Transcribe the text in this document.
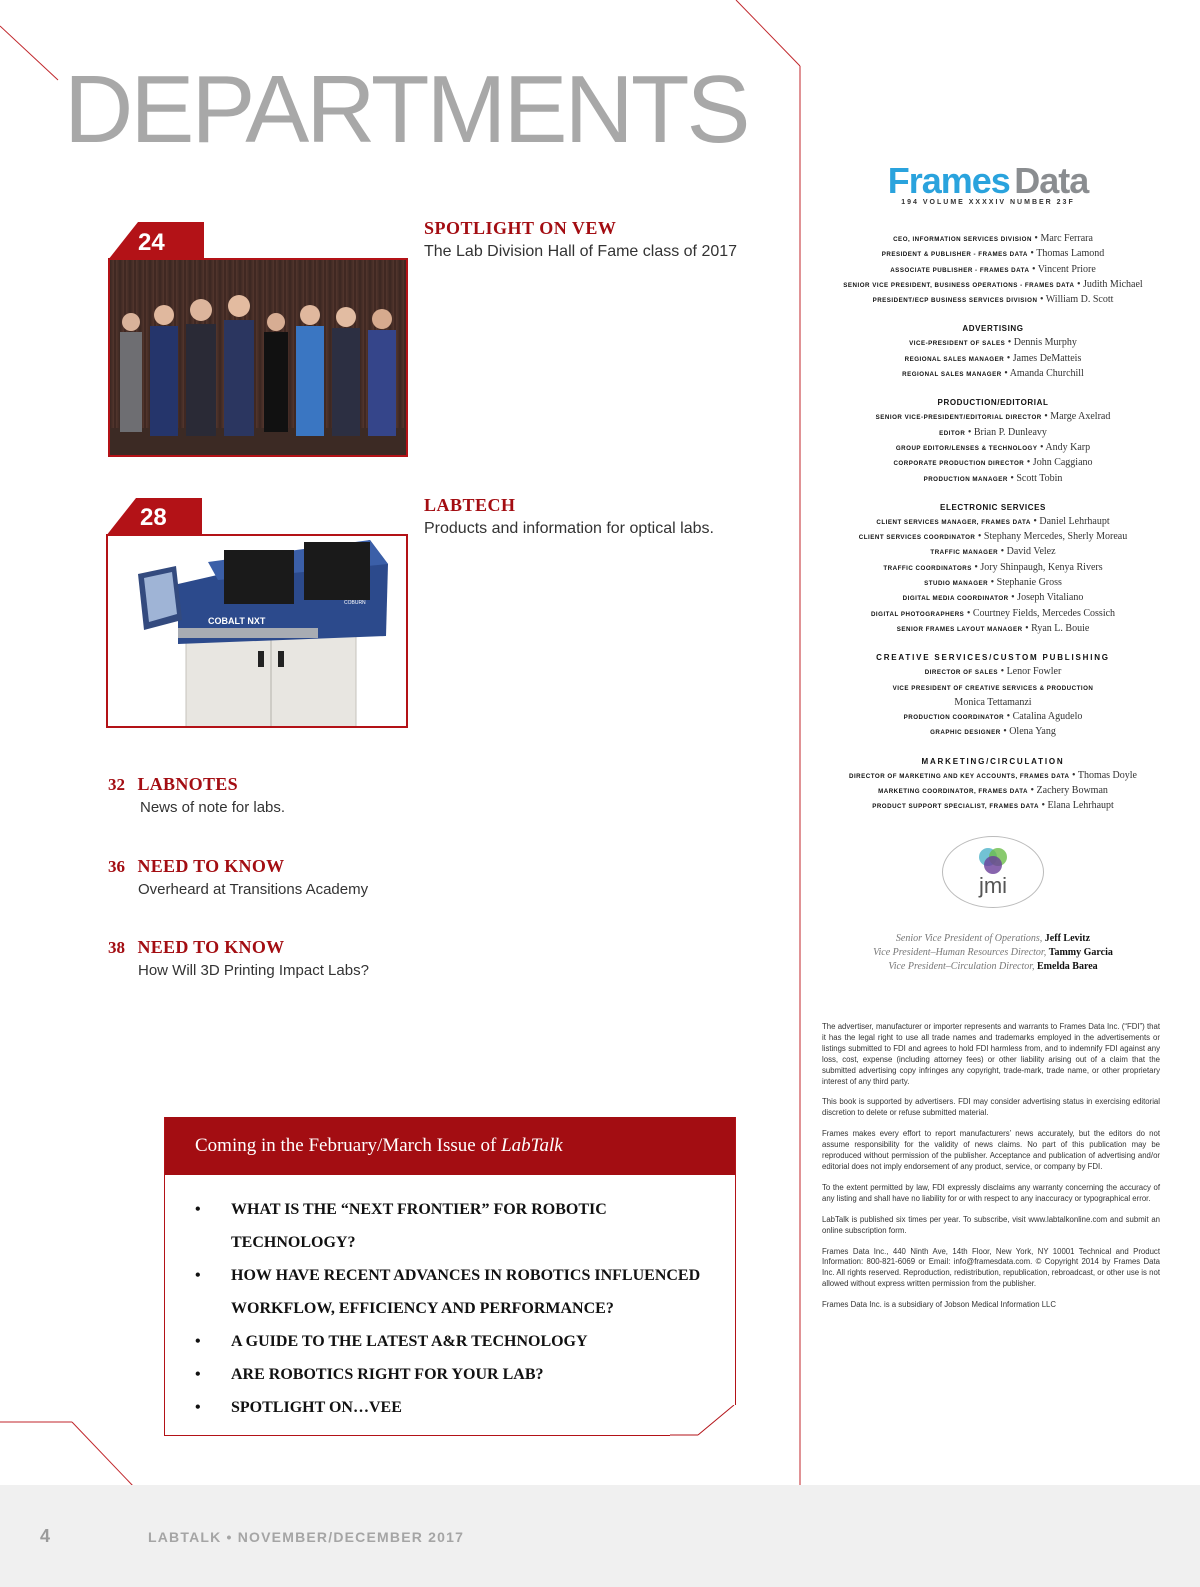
DEPARTMENTS
24
SPOTLIGHT ON VEW
The Lab Division Hall of Fame class of 2017
COBALT NXT
COBURN
28	LABTECH
Products and information for optical labs.
32 LABNOTES
News of note for labs.
36 NEED TO KNOW
Overheard at Transitions Academy
38 NEED TO KNOW
How Will 3D Printing Impact Labs?
Coming in the February/March Issue of LabTalk
• WHAT IS THE “NEXT FRONTIER” FOR ROBOTIC TECHNOLOGY?
• HOW HAVE RECENT ADVANCES IN ROBOTICS INFLUENCED WORKFLOW, EFFICIENCY AND PERFORMANCE?
• A GUIDE TO THE LATEST A&R TECHNOLOGY
• ARE ROBOTICS RIGHT FOR YOUR LAB?
• SPOTLIGHT ON…VEE
Frames Data
194 VOLUME XXXXIV NUMBER 23F
CEO, INFORMATION SERVICES DIVISION • Marc Ferrara
PRESIDENT & PUBLISHER - FRAMES DATA • Thomas Lamond
ASSOCIATE PUBLISHER - FRAMES DATA • Vincent Priore
SENIOR VICE PRESIDENT, BUSINESS OPERATIONS - FRAMES DATA • Judith Michael
PRESIDENT/ECP BUSINESS SERVICES DIVISION • William D. Scott
ADVERTISING
VICE-PRESIDENT OF SALES • Dennis Murphy
REGIONAL SALES MANAGER • James DeMatteis
REGIONAL SALES MANAGER • Amanda Churchill
PRODUCTION/EDITORIAL
SENIOR VICE-PRESIDENT/EDITORIAL DIRECTOR • Marge Axelrad
EDITOR • Brian P. Dunleavy
GROUP EDITOR/LENSES & TECHNOLOGY • Andy Karp
CORPORATE PRODUCTION DIRECTOR • John Caggiano
PRODUCTION MANAGER • Scott Tobin
ELECTRONIC SERVICES
CLIENT SERVICES MANAGER, FRAMES DATA • Daniel Lehrhaupt
CLIENT SERVICES COORDINATOR • Stephany Mercedes, Sherly Moreau
TRAFFIC MANAGER • David Velez
TRAFFIC COORDINATORS • Jory Shinpaugh, Kenya Rivers
STUDIO MANAGER • Stephanie Gross
DIGITAL MEDIA COORDINATOR • Joseph Vitaliano
DIGITAL PHOTOGRAPHERS • Courtney Fields, Mercedes Cossich
SENIOR FRAMES LAYOUT MANAGER • Ryan L. Bouie
CREATIVE SERVICES/CUSTOM PUBLISHING
DIRECTOR OF SALES • Lenor Fowler
VICE PRESIDENT OF CREATIVE SERVICES & PRODUCTION
Monica Tettamanzi
PRODUCTION COORDINATOR • Catalina Agudelo
GRAPHIC DESIGNER • Olena Yang
MARKETING/CIRCULATION
DIRECTOR OF MARKETING AND KEY ACCOUNTS, FRAMES DATA • Thomas Doyle
MARKETING COORDINATOR, FRAMES DATA • Zachery Bowman
PRODUCT SUPPORT SPECIALIST, FRAMES DATA • Elana Lehrhaupt
jmi
Senior Vice President of Operations, Jeff Levitz
Vice President–Human Resources Director, Tammy Garcia
Vice President–Circulation Director, Emelda Barea

The advertiser, manufacturer or importer represents and warrants to Frames Data Inc. (“FDI”) that it has the legal right to use all trade names and trademarks employed in the advertisements or listings submitted to FDI and agrees to hold FDI harmless from, and to indemnify FDI against any loss, cost, expense (including attorney fees) or other liability arising out of a claim that the submitted advertising copy infringes any copyright, trade-mark, trade name, or other proprietary interest of any third party.

This book is supported by advertisers. FDI may consider advertising status in exercising editorial discretion to delete or refuse submitted material.

Frames makes every effort to report manufacturers’ news accurately, but the editors do not assume responsibility for the validity of news claims. No part of this publication may be reproduced without permission of the publisher. Acceptance and publication of advertising and/or editorial does not imply endorsement of any product, service, or company by FDI.

To the extent permitted by law, FDI expressly disclaims any warranty concerning the accuracy of any listing and shall have no liability for or with respect to any inaccuracy or typographical error.

LabTalk is published six times per year. To subscribe, visit www.labtalkonline.com and submit an online subscription form.

Frames Data Inc., 440 Ninth Ave, 14th Floor, New York, NY 10001 Technical and Product Information: 800-821-6069 or Email: info@framesdata.com. © Copyright 2014 by Frames Data Inc. All rights reserved. Reproduction, redistribution, republication, rebroadcast, or other use is not allowed without express written permission from the publisher.

Frames Data Inc. is a subsidiary of Jobson Medical Information LLC

4	LABTALK • NOVEMBER/DECEMBER 2017
